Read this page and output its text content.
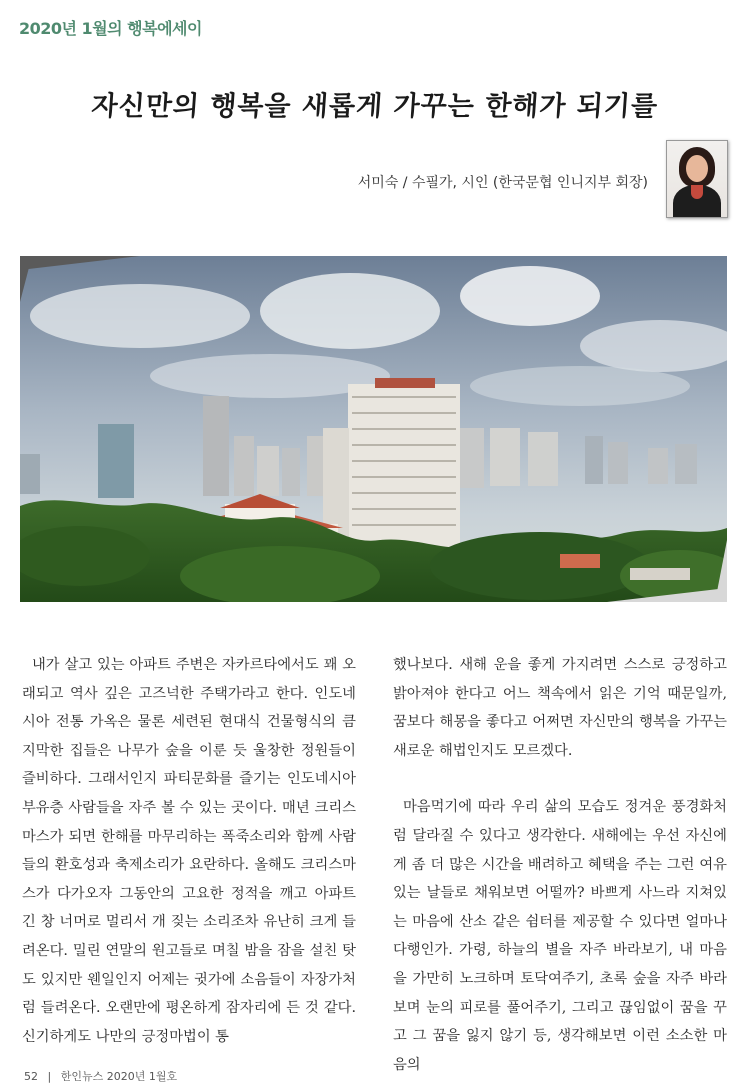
2020년 1월의 행복에세이
자신만의 행복을 새롭게 가꾸는 한해가 되기를
서미숙 / 수필가, 시인 (한국문협 인니지부 회장)

내가 살고 있는 아파트 주변은 자카르타에서도 꽤 오래되고 역사 깊은 고즈넉한 주택가라고 한다. 인도네시아 전통 가옥은 물론 세련된 현대식 건물형식의 큼지막한 집들은 나무가 숲을 이룬 듯 울창한 정원들이 즐비하다. 그래서인지 파티문화를 즐기는 인도네시아 부유층 사람들을 자주 볼 수 있는 곳이다. 매년 크리스마스가 되면 한해를 마무리하는 폭죽소리와 함께 사람들의 환호성과 축제소리가 요란하다. 올해도 크리스마스가 다가오자 그동안의 고요한 정적을 깨고 아파트 긴 창 너머로 멀리서 개 짖는 소리조차 유난히 크게 들려온다. 밀린 연말의 원고들로 며칠 밤을 잠을 설친 탓도 있지만 웬일인지 어제는 귓가에 소음들이 자장가처럼 들려온다. 오랜만에 평온하게 잠자리에 든 것 같다. 신기하게도 나만의 긍정마법이 통

했나보다. 새해 운을 좋게 가지려면 스스로 긍정하고 밝아져야 한다고 어느 책속에서 읽은 기억 때문일까, 꿈보다 해몽을 좋다고 어쩌면 자신만의 행복을 가꾸는 새로운 해법인지도 모르겠다.

마음먹기에 따라 우리 삶의 모습도 정겨운 풍경화처럼 달라질 수 있다고 생각한다. 새해에는 우선 자신에게 좀 더 많은 시간을 배려하고 혜택을 주는 그런 여유 있는 날들로 채워보면 어떨까? 바쁘게 사느라 지쳐있는 마음에 산소 같은 쉼터를 제공할 수 있다면 얼마나 다행인가. 가령, 하늘의 별을 자주 바라보기, 내 마음을 가만히 노크하며 토닥여주기, 초록 숲을 자주 바라보며 눈의 피로를 풀어주기, 그리고 끊임없이 꿈을 꾸고 그 꿈을 잃지 않기 등, 생각해보면 이런 소소한 마음의

52 | 한인뉴스 2020년 1월호
